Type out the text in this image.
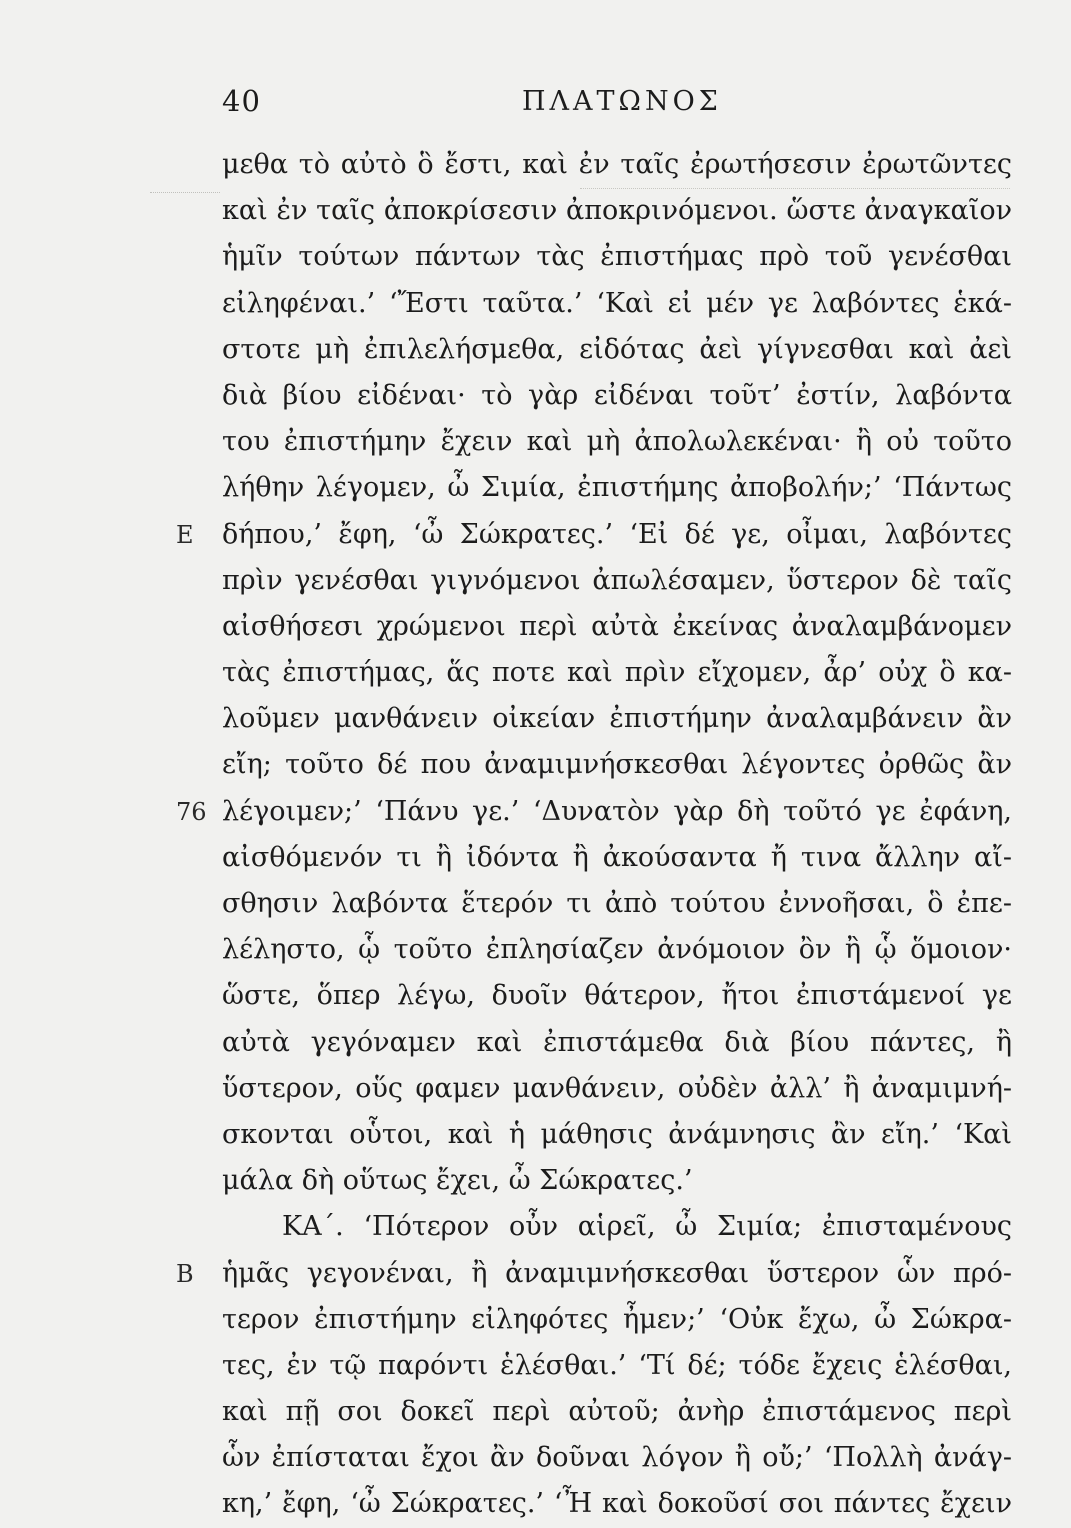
40	ΠΛΑΤΩΝΟΣ
μεθα τὸ αὐτὸ ὃ ἔστι, καὶ ἐν ταῖς ἐρωτήσεσιν ἐρωτῶντες
καὶ ἐν ταῖς ἀποκρίσεσιν ἀποκρινόμενοι. ὥστε ἀναγκαῖον
ἡμῖν τούτων πάντων τὰς ἐπιστήμας πρὸ τοῦ γενέσθαι
εἰληφέναι.’ ‘Ἔστι ταῦτα.’ ‘Καὶ εἰ μέν γε λαβόντες ἑκά-
στοτε μὴ ἐπιλελήσμεθα, εἰδότας ἀεὶ γίγνεσθαι καὶ ἀεὶ
διὰ βίου εἰδέναι· τὸ γὰρ εἰδέναι τοῦτ’ ἐστίν, λαβόντα
του ἐπιστήμην ἔχειν καὶ μὴ ἀπολωλεκέναι· ἢ οὐ τοῦτο
λήθην λέγομεν, ὦ Σιμία, ἐπιστήμης ἀποβολήν;’ ‘Πάντως
E δήπου,’ ἔφη, ‘ὦ Σώκρατες.’ ‘Εἰ δέ γε, οἶμαι, λαβόντες
πρὶν γενέσθαι γιγνόμενοι ἀπωλέσαμεν, ὕστερον δὲ ταῖς
αἰσθήσεσι χρώμενοι περὶ αὐτὰ ἐκείνας ἀναλαμβάνομεν
τὰς ἐπιστήμας, ἅς ποτε καὶ πρὶν εἴχομεν, ἆρ’ οὐχ ὃ κα-
λοῦμεν μανθάνειν οἰκείαν ἐπιστήμην ἀναλαμβάνειν ἂν
εἴη; τοῦτο δέ που ἀναμιμνήσκεσθαι λέγοντες ὀρθῶς ἂν
76 λέγοιμεν;’ ‘Πάνυ γε.’ ‘Δυνατὸν γὰρ δὴ τοῦτό γε ἐφάνη,
αἰσθόμενόν τι ἢ ἰδόντα ἢ ἀκούσαντα ἤ τινα ἄλλην αἴ-
σθησιν λαβόντα ἕτερόν τι ἀπὸ τούτου ἐννοῆσαι, ὃ ἐπε-
λέληστο, ᾧ τοῦτο ἐπλησίαζεν ἀνόμοιον ὂν ἢ ᾧ ὅμοιον·
ὥστε, ὅπερ λέγω, δυοῖν θάτερον, ἤτοι ἐπιστάμενοί γε
αὐτὰ γεγόναμεν καὶ ἐπιστάμεθα διὰ βίου πάντες, ἢ
ὕστερον, οὕς φαμεν μανθάνειν, οὐδὲν ἀλλ’ ἢ ἀναμιμνή-
σκονται οὗτοι, καὶ ἡ μάθησις ἀνάμνησις ἂν εἴη.’ ‘Καὶ
μάλα δὴ οὕτως ἔχει, ὦ Σώκρατες.’
ΚΑ΄. ‘Πότερον οὖν αἱρεῖ, ὦ Σιμία; ἐπισταμένους
B ἡμᾶς γεγονέναι, ἢ ἀναμιμνήσκεσθαι ὕστερον ὧν πρό-
τερον ἐπιστήμην εἰληφότες ἦμεν;’ ‘Οὐκ ἔχω, ὦ Σώκρα-
τες, ἐν τῷ παρόντι ἑλέσθαι.’ ‘Τί δέ; τόδε ἔχεις ἑλέσθαι,
καὶ πῇ σοι δοκεῖ περὶ αὐτοῦ; ἀνὴρ ἐπιστάμενος περὶ
ὧν ἐπίσταται ἔχοι ἂν δοῦναι λόγον ἢ οὔ;’ ‘Πολλὴ ἀνάγ-
κη,’ ἔφη, ‘ὦ Σώκρατες.’ ‘Ἦ καὶ δοκοῦσί σοι πάντες ἔχειν
